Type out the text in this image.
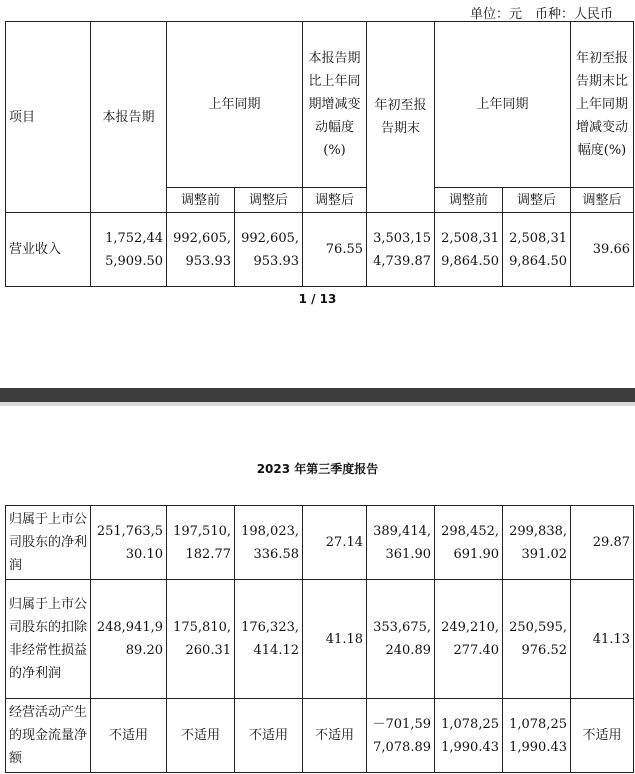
单位：元　币种：人民币
项目	本报告期	上年同期		本报告期比上年同期增减变动幅度(%)	年初至报告期末	上年同期		年初至报告期末比上年同期增减变动幅度(%)
		调整前	调整后	调整后		调整前	调整后	调整后
营业收入	1,752,445,909.50	992,605,953.93	992,605,953.93	76.55	3,503,154,739.87	2,508,319,864.50	2,508,319,864.50	39.66
1 / 13
2023 年第三季度报告
归属于上市公司股东的净利润	251,763,530.10	197,510,182.77	198,023,336.58	27.14	389,414,361.90	298,452,691.90	299,838,391.02	29.87
归属于上市公司股东的扣除非经常性损益的净利润	248,941,989.20	175,810,260.31	176,323,414.12	41.18	353,675,240.89	249,210,277.40	250,595,976.52	41.13
经营活动产生的现金流量净额	不适用	不适用	不适用	不适用	－701,597,078.89	1,078,251,990.43	1,078,251,990.43	不适用
